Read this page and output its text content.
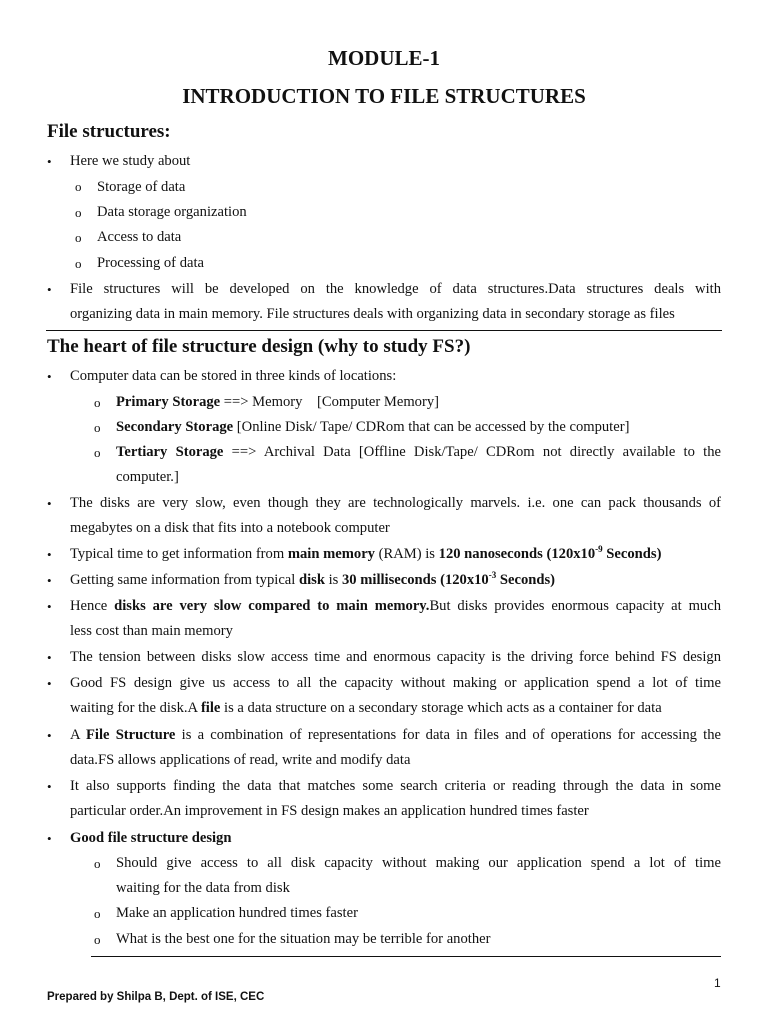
MODULE-1
INTRODUCTION TO FILE STRUCTURES
File structures:
• Here we study about
o Storage of data
o Data storage organization
o Access to data
o Processing of data
• File structures will be developed on the knowledge of data structures.Data structures deals with
organizing data in main memory. File structures deals with organizing data in secondary storage as files
The heart of file structure design (why to study FS?)
• Computer data can be stored in three kinds of locations:
o Primary Storage ==> Memory    [Computer Memory]
o Secondary Storage [Online Disk/ Tape/ CDRom that can be accessed by the computer]
o Tertiary Storage ==> Archival Data [Offline Disk/Tape/ CDRom not directly available to the
computer.]
• The disks are very slow, even though they are technologically marvels. i.e. one can pack thousands of
megabytes on a disk that fits into a notebook computer
• Typical time to get information from main memory (RAM) is 120 nanoseconds ($120x10^{-9}$ Seconds)
• Getting same information from typical disk is 30 milliseconds ($120x10^{-3}$ Seconds)
• Hence disks are very slow compared to main memory.But disks provides enormous capacity at much
less cost than main memory
• The tension between disks slow access time and enormous capacity is the driving force behind FS design
• Good FS design give us access to all the capacity without making or application spend a lot of time
waiting for the disk.A file is a data structure on a secondary storage which acts as a container for data
• A File Structure is a combination of representations for data in files and of operations for accessing the
data.FS allows applications of read, write and modify data
• It also supports finding the data that matches some search criteria or reading through the data in some
particular order.An improvement in FS design makes an application hundred times faster
• Good file structure design
o Should give access to all disk capacity without making our application spend a lot of time
waiting for the data from disk
o Make an application hundred times faster
o What is the best one for the situation may be terrible for another
1
Prepared by Shilpa B, Dept. of ISE, CEC
